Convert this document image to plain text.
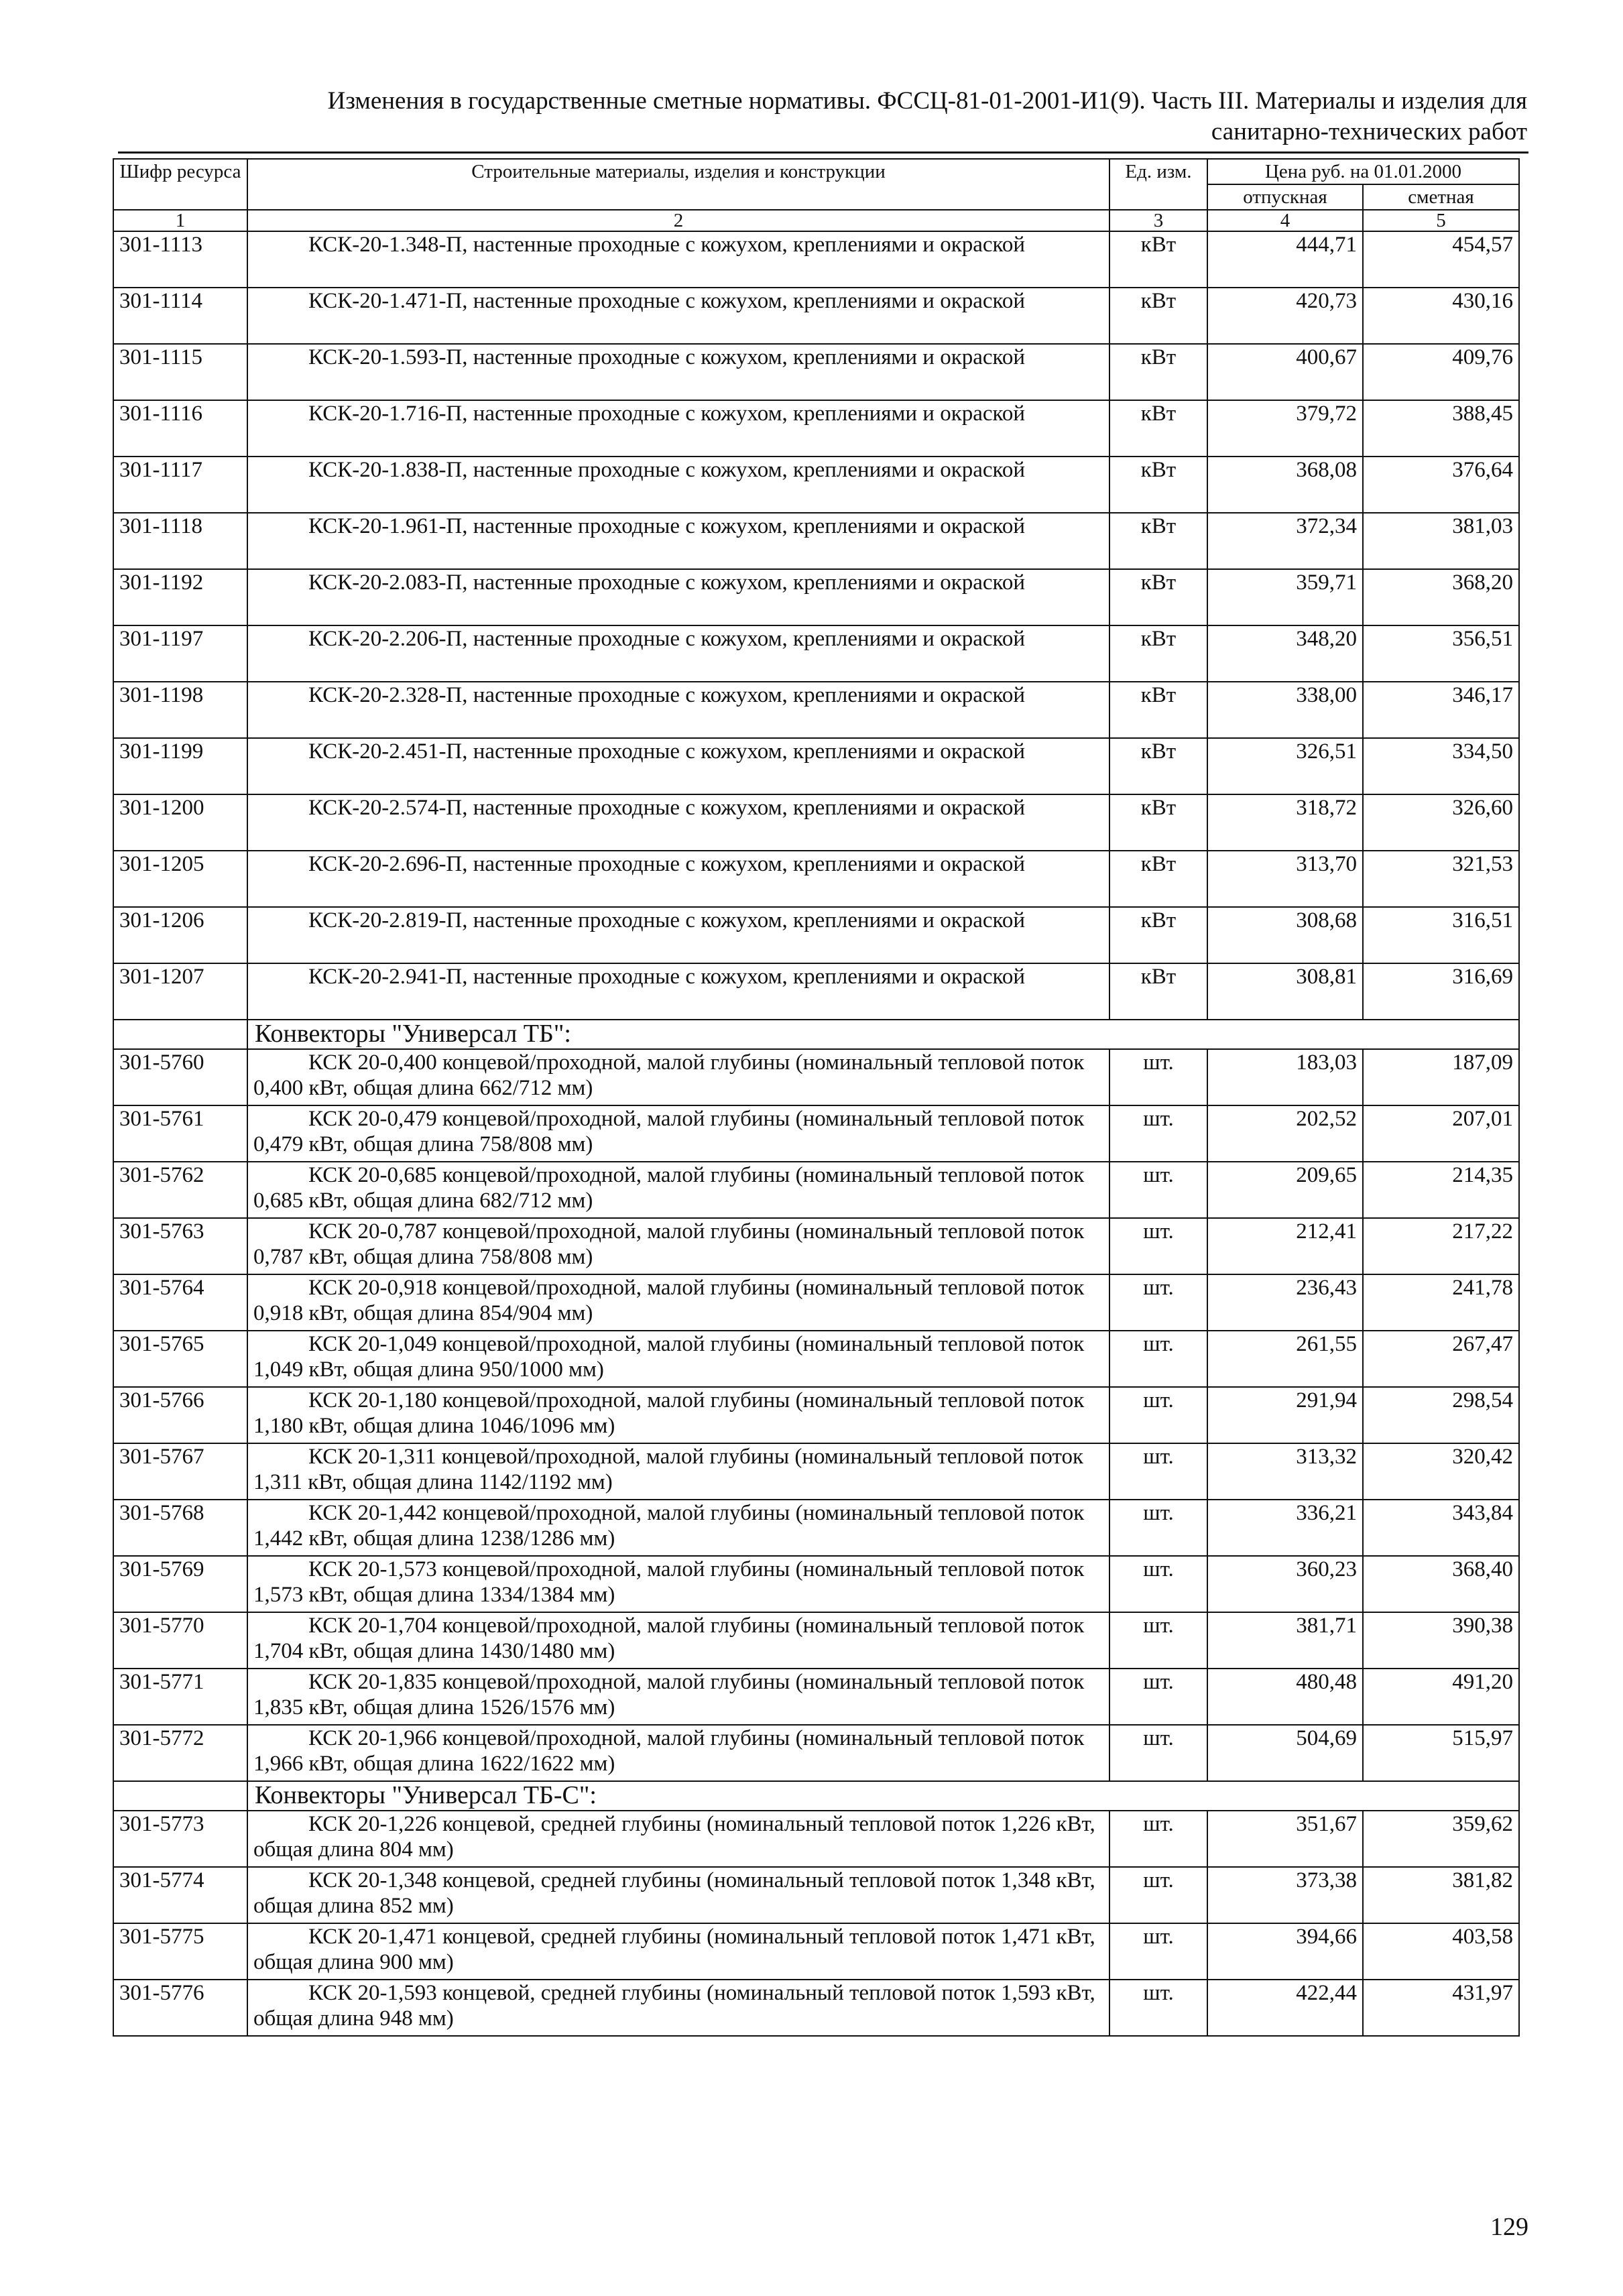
Изменения в государственные сметные нормативы. ФССЦ-81-01-2001-И1(9). Часть III. Материалы и изделия для
санитарно-технических работ
Шифр ресурса	Строительные материалы, изделия и конструкции	Ед. изм.	Цена руб. на 01.01.2000	
			отпускная	сметная
1	2	3	4	5
301-1113	КСК-20-1.348-П, настенные проходные с кожухом, креплениями и окраской	кВт	444,71	454,57
301-1114	КСК-20-1.471-П, настенные проходные с кожухом, креплениями и окраской	кВт	420,73	430,16
301-1115	КСК-20-1.593-П, настенные проходные с кожухом, креплениями и окраской	кВт	400,67	409,76
301-1116	КСК-20-1.716-П, настенные проходные с кожухом, креплениями и окраской	кВт	379,72	388,45
301-1117	КСК-20-1.838-П, настенные проходные с кожухом, креплениями и окраской	кВт	368,08	376,64
301-1118	КСК-20-1.961-П, настенные проходные с кожухом, креплениями и окраской	кВт	372,34	381,03
301-1192	КСК-20-2.083-П, настенные проходные с кожухом, креплениями и окраской	кВт	359,71	368,20
301-1197	КСК-20-2.206-П, настенные проходные с кожухом, креплениями и окраской	кВт	348,20	356,51
301-1198	КСК-20-2.328-П, настенные проходные с кожухом, креплениями и окраской	кВт	338,00	346,17
301-1199	КСК-20-2.451-П, настенные проходные с кожухом, креплениями и окраской	кВт	326,51	334,50
301-1200	КСК-20-2.574-П, настенные проходные с кожухом, креплениями и окраской	кВт	318,72	326,60
301-1205	КСК-20-2.696-П, настенные проходные с кожухом, креплениями и окраской	кВт	313,70	321,53
301-1206	КСК-20-2.819-П, настенные проходные с кожухом, креплениями и окраской	кВт	308,68	316,51
301-1207	КСК-20-2.941-П, настенные проходные с кожухом, креплениями и окраской	кВт	308,81	316,69
	Конвекторы "Универсал ТБ":			
301-5760	КСК 20-0,400 концевой/проходной, малой глубины (номинальный тепловой поток 0,400 кВт, общая длина 662/712 мм)	шт.	183,03	187,09
301-5761	КСК 20-0,479 концевой/проходной, малой глубины (номинальный тепловой поток 0,479 кВт, общая длина 758/808 мм)	шт.	202,52	207,01
301-5762	КСК 20-0,685 концевой/проходной, малой глубины (номинальный тепловой поток 0,685 кВт, общая длина 682/712 мм)	шт.	209,65	214,35
301-5763	КСК 20-0,787 концевой/проходной, малой глубины (номинальный тепловой поток 0,787 кВт, общая длина 758/808 мм)	шт.	212,41	217,22
301-5764	КСК 20-0,918 концевой/проходной, малой глубины (номинальный тепловой поток 0,918 кВт, общая длина 854/904 мм)	шт.	236,43	241,78
301-5765	КСК 20-1,049 концевой/проходной, малой глубины (номинальный тепловой поток 1,049 кВт, общая длина 950/1000 мм)	шт.	261,55	267,47
301-5766	КСК 20-1,180 концевой/проходной, малой глубины (номинальный тепловой поток 1,180 кВт, общая длина 1046/1096 мм)	шт.	291,94	298,54
301-5767	КСК 20-1,311 концевой/проходной, малой глубины (номинальный тепловой поток 1,311 кВт, общая длина 1142/1192 мм)	шт.	313,32	320,42
301-5768	КСК 20-1,442 концевой/проходной, малой глубины (номинальный тепловой поток 1,442 кВт, общая длина 1238/1286 мм)	шт.	336,21	343,84
301-5769	КСК 20-1,573 концевой/проходной, малой глубины (номинальный тепловой поток 1,573 кВт, общая длина 1334/1384 мм)	шт.	360,23	368,40
301-5770	КСК 20-1,704 концевой/проходной, малой глубины (номинальный тепловой поток 1,704 кВт, общая длина 1430/1480 мм)	шт.	381,71	390,38
301-5771	КСК 20-1,835 концевой/проходной, малой глубины (номинальный тепловой поток 1,835 кВт, общая длина 1526/1576 мм)	шт.	480,48	491,20
301-5772	КСК 20-1,966 концевой/проходной, малой глубины (номинальный тепловой поток 1,966 кВт, общая длина 1622/1622 мм)	шт.	504,69	515,97
	Конвекторы "Универсал ТБ-С":			
301-5773	КСК 20-1,226 концевой, средней глубины (номинальный тепловой поток 1,226 кВт, общая длина 804 мм)	шт.	351,67	359,62
301-5774	КСК 20-1,348 концевой, средней глубины (номинальный тепловой поток 1,348 кВт, общая длина 852 мм)	шт.	373,38	381,82
301-5775	КСК 20-1,471 концевой, средней глубины (номинальный тепловой поток 1,471 кВт, общая длина 900 мм)	шт.	394,66	403,58
301-5776	КСК 20-1,593 концевой, средней глубины (номинальный тепловой поток 1,593 кВт, общая длина 948 мм)	шт.	422,44	431,97
129
